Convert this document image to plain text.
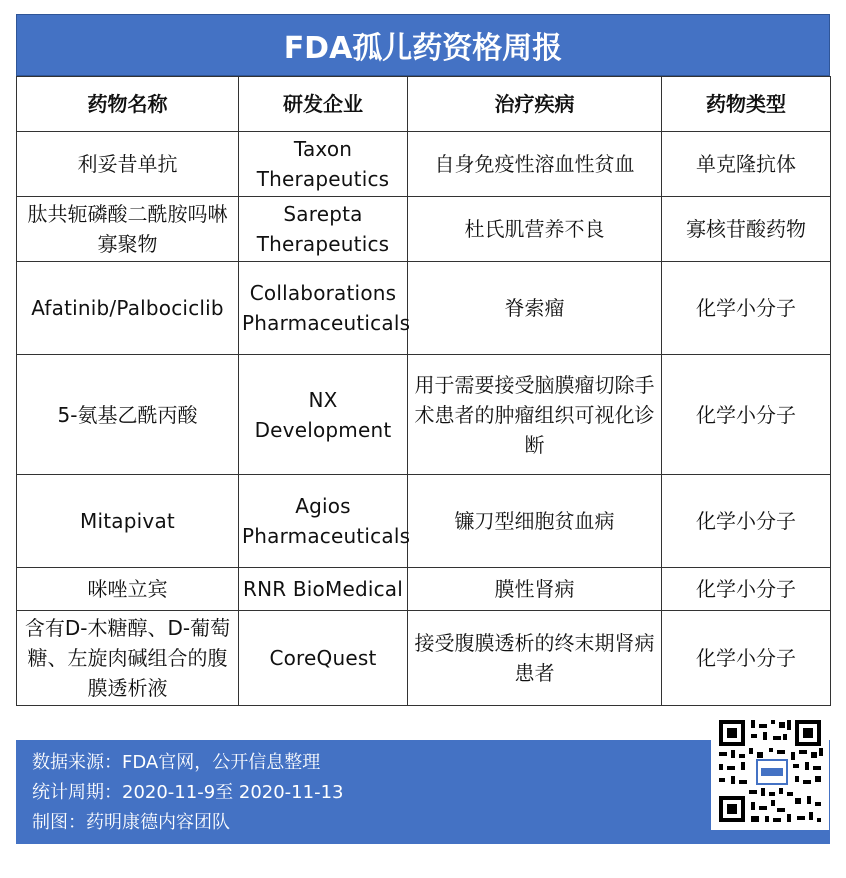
FDA孤儿药资格周报
药物名称	研发企业	治疗疾病	药物类型
利妥昔单抗	Taxon Therapeutics	自身免疫性溶血性贫血	单克隆抗体
肽共轭磷酸二酰胺吗啉寡聚物	Sarepta Therapeutics	杜氏肌营养不良	寡核苷酸药物
Afatinib/Palbociclib	Collaborations Pharmaceuticals	脊索瘤	化学小分子
5-氨基乙酰丙酸	NX Development	用于需要接受脑膜瘤切除手术患者的肿瘤组织可视化诊断	化学小分子
Mitapivat	Agios Pharmaceuticals	镰刀型细胞贫血病	化学小分子
咪唑立宾	RNR BioMedical	膜性肾病	化学小分子
含有D-木糖醇、D-葡萄糖、左旋肉碱组合的腹膜透析液	CoreQuest	接受腹膜透析的终末期肾病患者	化学小分子
数据来源：FDA官网，公开信息整理
统计周期：2020-11-9至 2020-11-13
制图：药明康德内容团队
